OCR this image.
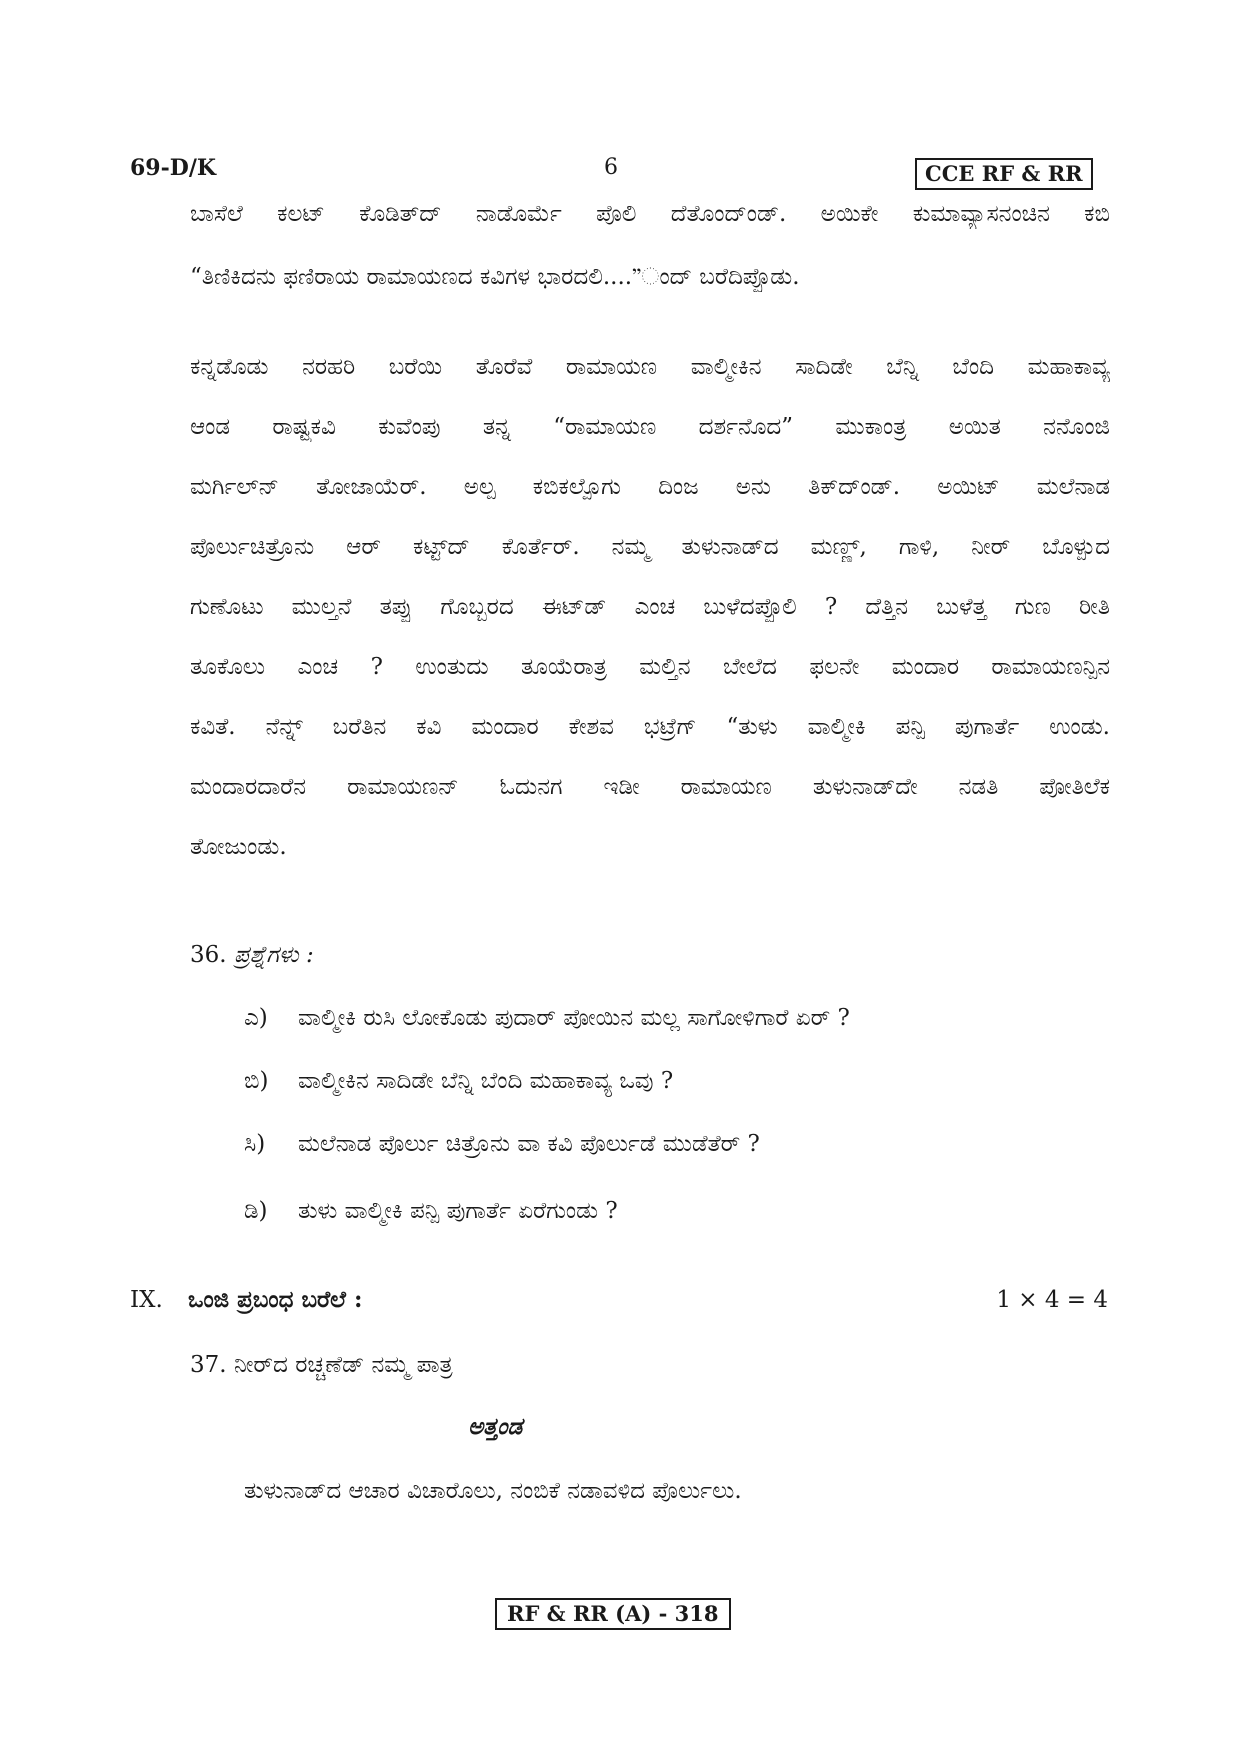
69-D/K	6	CCE RF & RR
ಬಾಸೆಲೆ ಕಲಟ್ ಕೊಡಿತ್‌ದ್ ನಾಡೊರ್ಮೆ ಪೊಲಿ ದೆತೊಂದ್‌ಂಡ್. ಅಯಿಕೇ ಕುಮಾವ್ಯಾಸನಂಚಿನ ಕಬಿ
“ತಿಣಿಕಿದನು ಫಣಿರಾಯ ರಾಮಾಯಣದ ಕವಿಗಳ ಭಾರದಲಿ....”ಂದ್ ಬರೆದಿಪ್ಪೊಡು.
ಕನ್ನಡೊಡು ನರಹರಿ ಬರೆಯಿ ತೊರೆವೆ ರಾಮಾಯಣ ವಾಲ್ಮೀಕಿನ ಸಾದಿಡೇ ಬೆನ್ನಿ ಬೆಂದಿ ಮಹಾಕಾವ್ಯ
ಆಂಡ ರಾಷ್ಟ್ರಕವಿ ಕುವೆಂಪು ತನ್ನ “ರಾಮಾಯಣ ದರ್ಶನೊದ” ಮುಕಾಂತ್ರ ಅಯಿತ ನನೊಂಜಿ
ಮರ್ಗಿಲ್‌ನ್ ತೋಜಾಯೆರ್. ಅಲ್ಪ ಕಬಿಕಲ್ಪೊಗು ದಿಂಜ ಅನು ತಿಕ್‌ದ್‌ಂಡ್. ಅಯಿಟ್ ಮಲೆನಾಡ
ಪೊರ್ಲುಚಿತ್ರೊನು ಆರ್ ಕಟ್ಟ್‌ದ್ ಕೊರ್ತೆರ್. ನಮ್ಮ ತುಳುನಾಡ್‌ದ ಮಣ್ಣ್, ಗಾಳಿ, ನೀರ್ ಬೊಳ್ಪುದ
ಗುಣೊಟು ಮುಲ್ತನೆ ತಪ್ಪು ಗೊಬ್ಬರದ ಈಟ್‌ಡ್ ಎಂಚ ಬುಳೆದಪ್ಪೊಲಿ ? ದೆತ್ತಿನ ಬುಳೆತ್ತ ಗುಣ ರೀತಿ
ತೂಕೊಲು ಎಂಚ ? ಉಂತುದು ತೂಯೆರಾತ್ರ ಮಲ್ತಿನ ಬೇಲೆದ ಫಲನೇ ಮಂದಾರ ರಾಮಾಯಣನ್ಪಿನ
ಕವಿತೆ. ನೆನ್ನ್ ಬರೆತಿನ ಕವಿ ಮಂದಾರ ಕೇಶವ ಭಟ್ರೆಗ್ “ತುಳು ವಾಲ್ಮೀಕಿ ಪನ್ಪಿ ಪುಗಾರ್ತೆ ಉಂಡು.
ಮಂದಾರದಾರೆನ ರಾಮಾಯಣನ್ ಓದುನಗ ಇಡೀ ರಾಮಾಯಣ ತುಳುನಾಡ್‌ದೇ ನಡತಿ ಪೋತಿಲೆಕ
ತೋಜುಂಡು.
36. ಪ್ರಶ್ನೆಗಳು :
ಎ) ವಾಲ್ಮೀಕಿ ರುಸಿ ಲೋಕೊಡು ಪುದಾರ್ ಪೋಯಿನ ಮಲ್ಲ ಸಾಗೋಳಿಗಾರೆ ಏರ್ ?
ಬಿ) ವಾಲ್ಮೀಕಿನ ಸಾದಿಡೇ ಬೆನ್ನಿ ಬೆಂದಿ ಮಹಾಕಾವ್ಯ ಒವು ?
ಸಿ) ಮಲೆನಾಡ ಪೊರ್ಲು ಚಿತ್ರೊನು ವಾ ಕವಿ ಪೊರ್ಲುಡೆ ಮುಡೆತೆರ್ ?
ಡಿ) ತುಳು ವಾಲ್ಮೀಕಿ ಪನ್ಪಿ ಪುಗಾರ್ತೆ ಏರೆಗುಂಡು ?
IX. ಒಂಜಿ ಪ್ರಬಂಧ ಬರೆಲೆ :	1 × 4 = 4
37. ನೀರ್‌ದ ರಚ್ಚಣೆಡ್ ನಮ್ಮ ಪಾತ್ರ
ಅತ್ತಂಡ
ತುಳುನಾಡ್‌ದ ಆಚಾರ ವಿಚಾರೊಲು, ನಂಬಿಕೆ ನಡಾವಳಿದ ಪೊರ್ಲುಲು.
RF & RR (A) - 318
